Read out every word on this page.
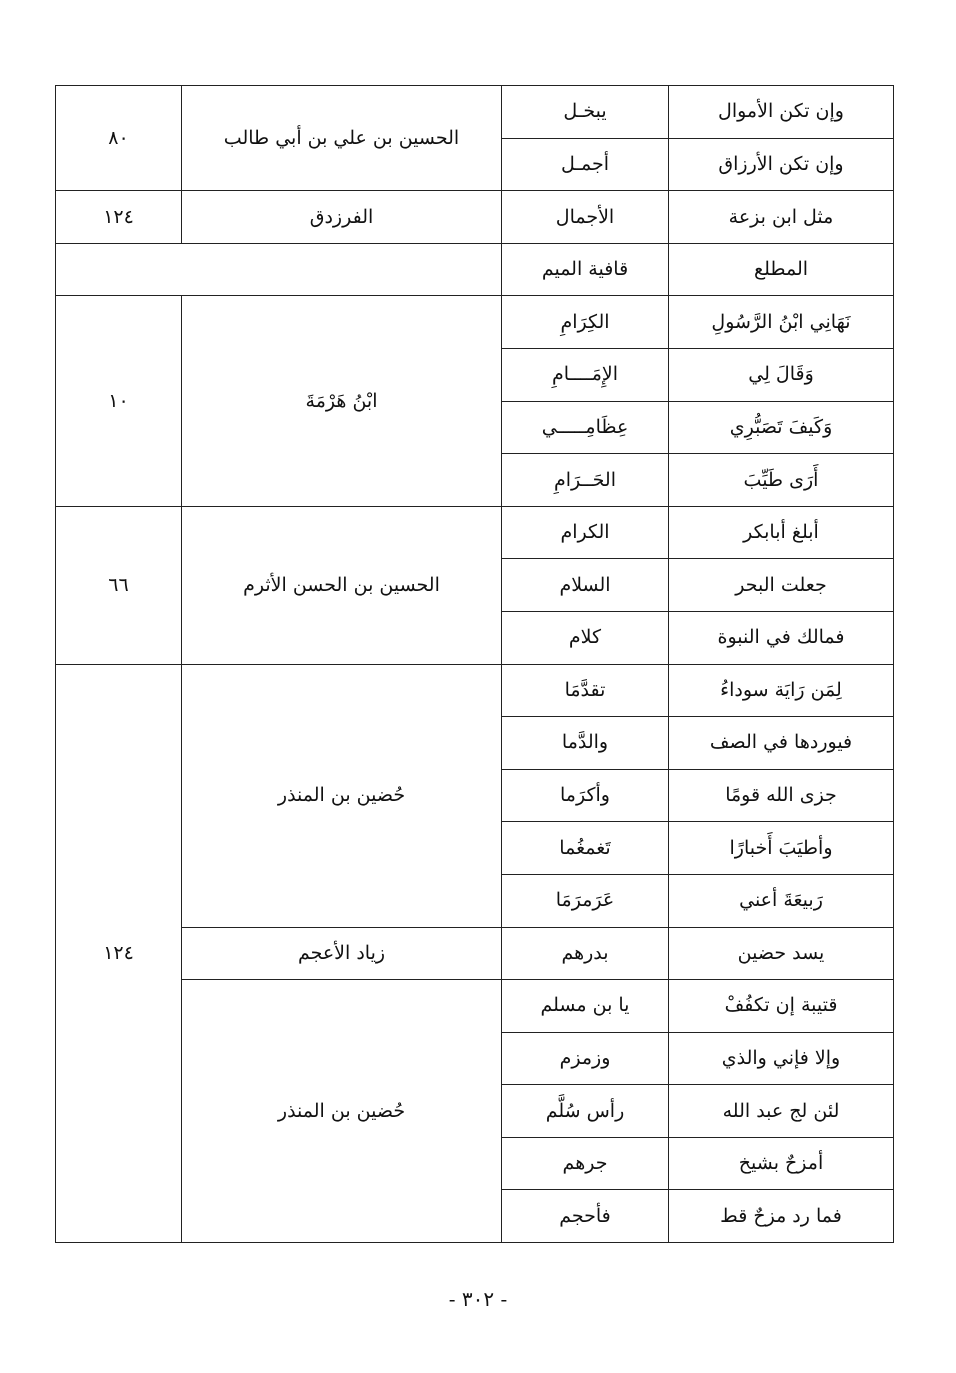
٨٠	الحسين بن علي بن أبي طالب	يبخـل	وإن تكن الأموال
		أجمـل	وإن تكن الأرزاق
١٢٤	الفرزدق	الأجمال	مثل ابن بزعة
		قافية الميم	المطلع
١٠	ابْنُ هَرْمَةَ	الكِرَامِ	نَهَانِي ابْنُ الرَّسُولِ
		الإِمَــــامِ	وَقَالَ لِي
		عِظَامِـــــي	وَكَيفَ تَصَبُّرِي
		الحَــرَامِ	أَرَى طَيِّبَ
٦٦	الحسين بن الحسن الأثرم	الكرام	أبلغ أبابكر
		السلام	جعلت البحر
		كلام	فمالك في النبوة
١٢٤	حُضين بن المنذر	تقدَّمَا	لِمَن رَايَة سوداءُ
		والدَّما	فيوردها في الصف
		وأكرَما	جزى الله قومًا
		تَغمغُما	وأطيَبَ أَخبارًا
		عَرَمرَمَا	رَبيعَةَ أعني
	زياد الأعجم	بدرهم	يسد حضين
	حُضين بن المنذر	يا بن مسلم	قتيبة إن تكفُفْ
		وزمزم	وإلا فإني والذي
		رأس سُلَّم	لئن لج عبد الله
		جرهم	أمزحٌ بشيخ
		فأحجم	فما رد مزحٌ قط
- ٣٠٢ -
